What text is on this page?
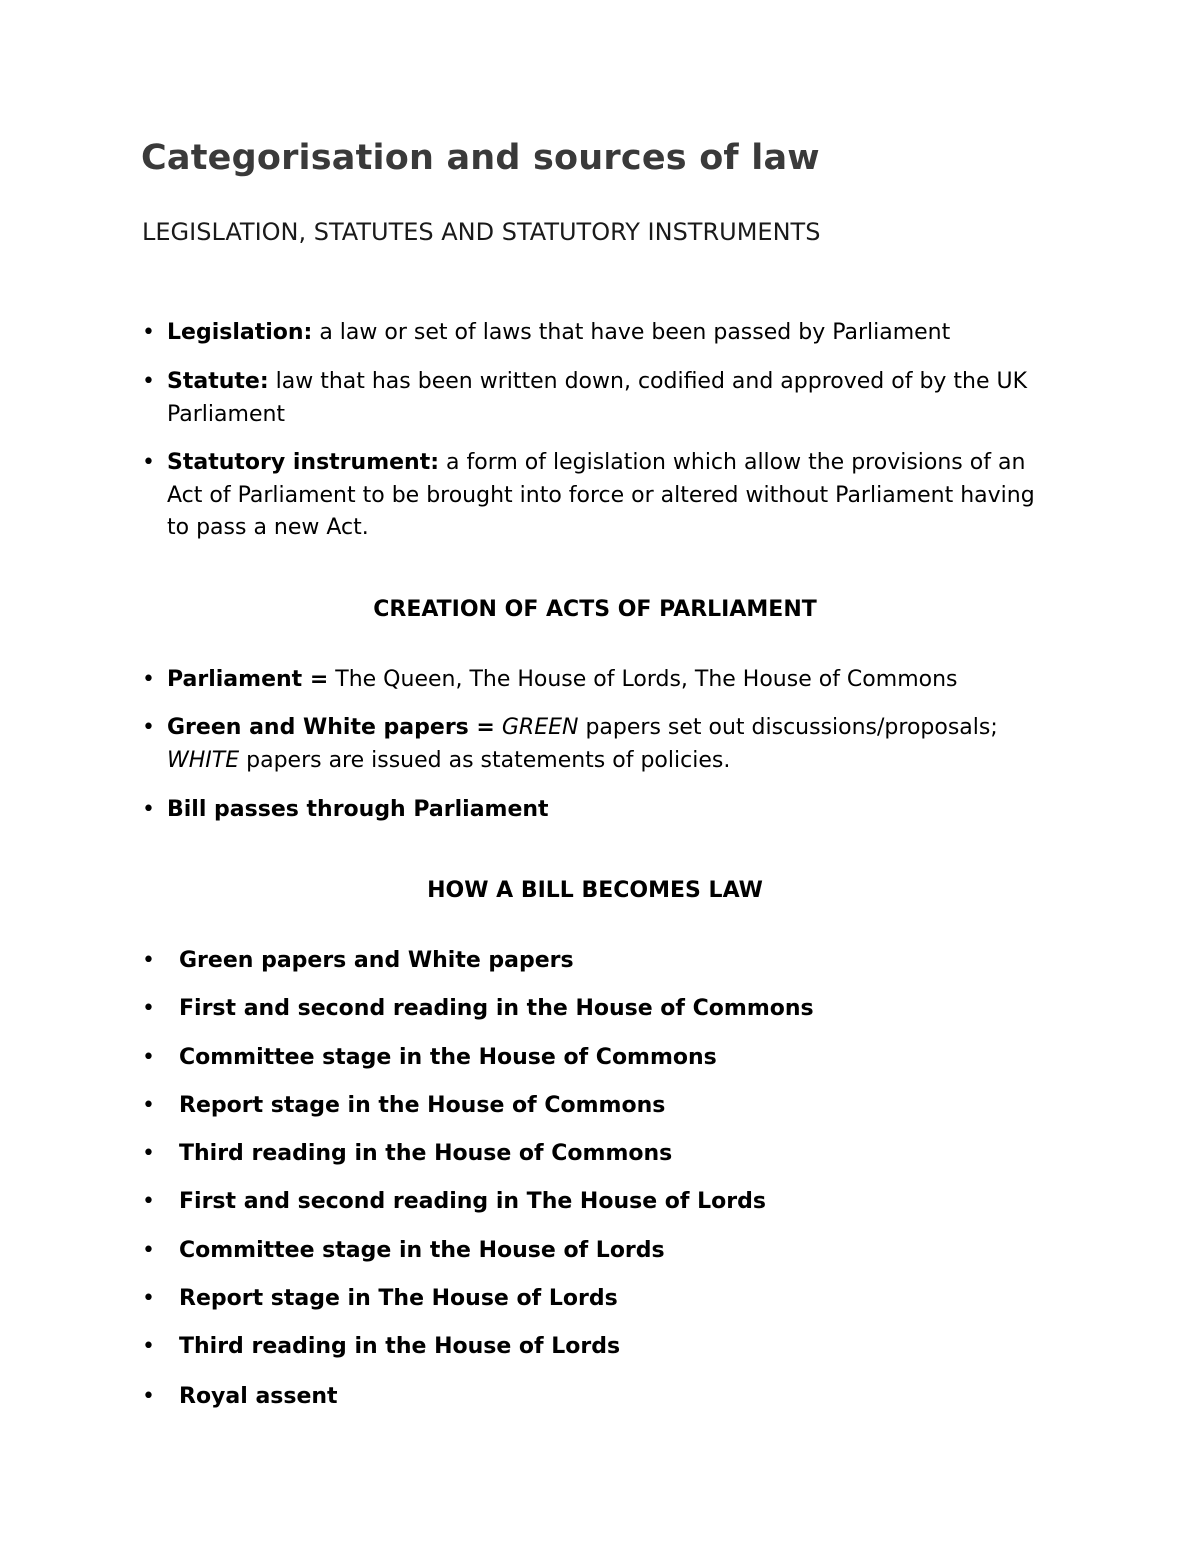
Categorisation and sources of law
LEGISLATION, STATUTES AND STATUTORY INSTRUMENTS
• Legislation: a law or set of laws that have been passed by Parliament
• Statute: law that has been written down, codified and approved of by the UK Parliament
• Statutory instrument: a form of legislation which allow the provisions of an Act of Parliament to be brought into force or altered without Parliament having to pass a new Act.
CREATION OF ACTS OF PARLIAMENT
• Parliament = The Queen, The House of Lords, The House of Commons
• Green and White papers = GREEN papers set out discussions/proposals; WHITE papers are issued as statements of policies.
• Bill passes through Parliament
HOW A BILL BECOMES LAW
• Green papers and White papers
• First and second reading in the House of Commons
• Committee stage in the House of Commons
• Report stage in the House of Commons
• Third reading in the House of Commons
• First and second reading in The House of Lords
• Committee stage in the House of Lords
• Report stage in The House of Lords
• Third reading in the House of Lords
• Royal assent
